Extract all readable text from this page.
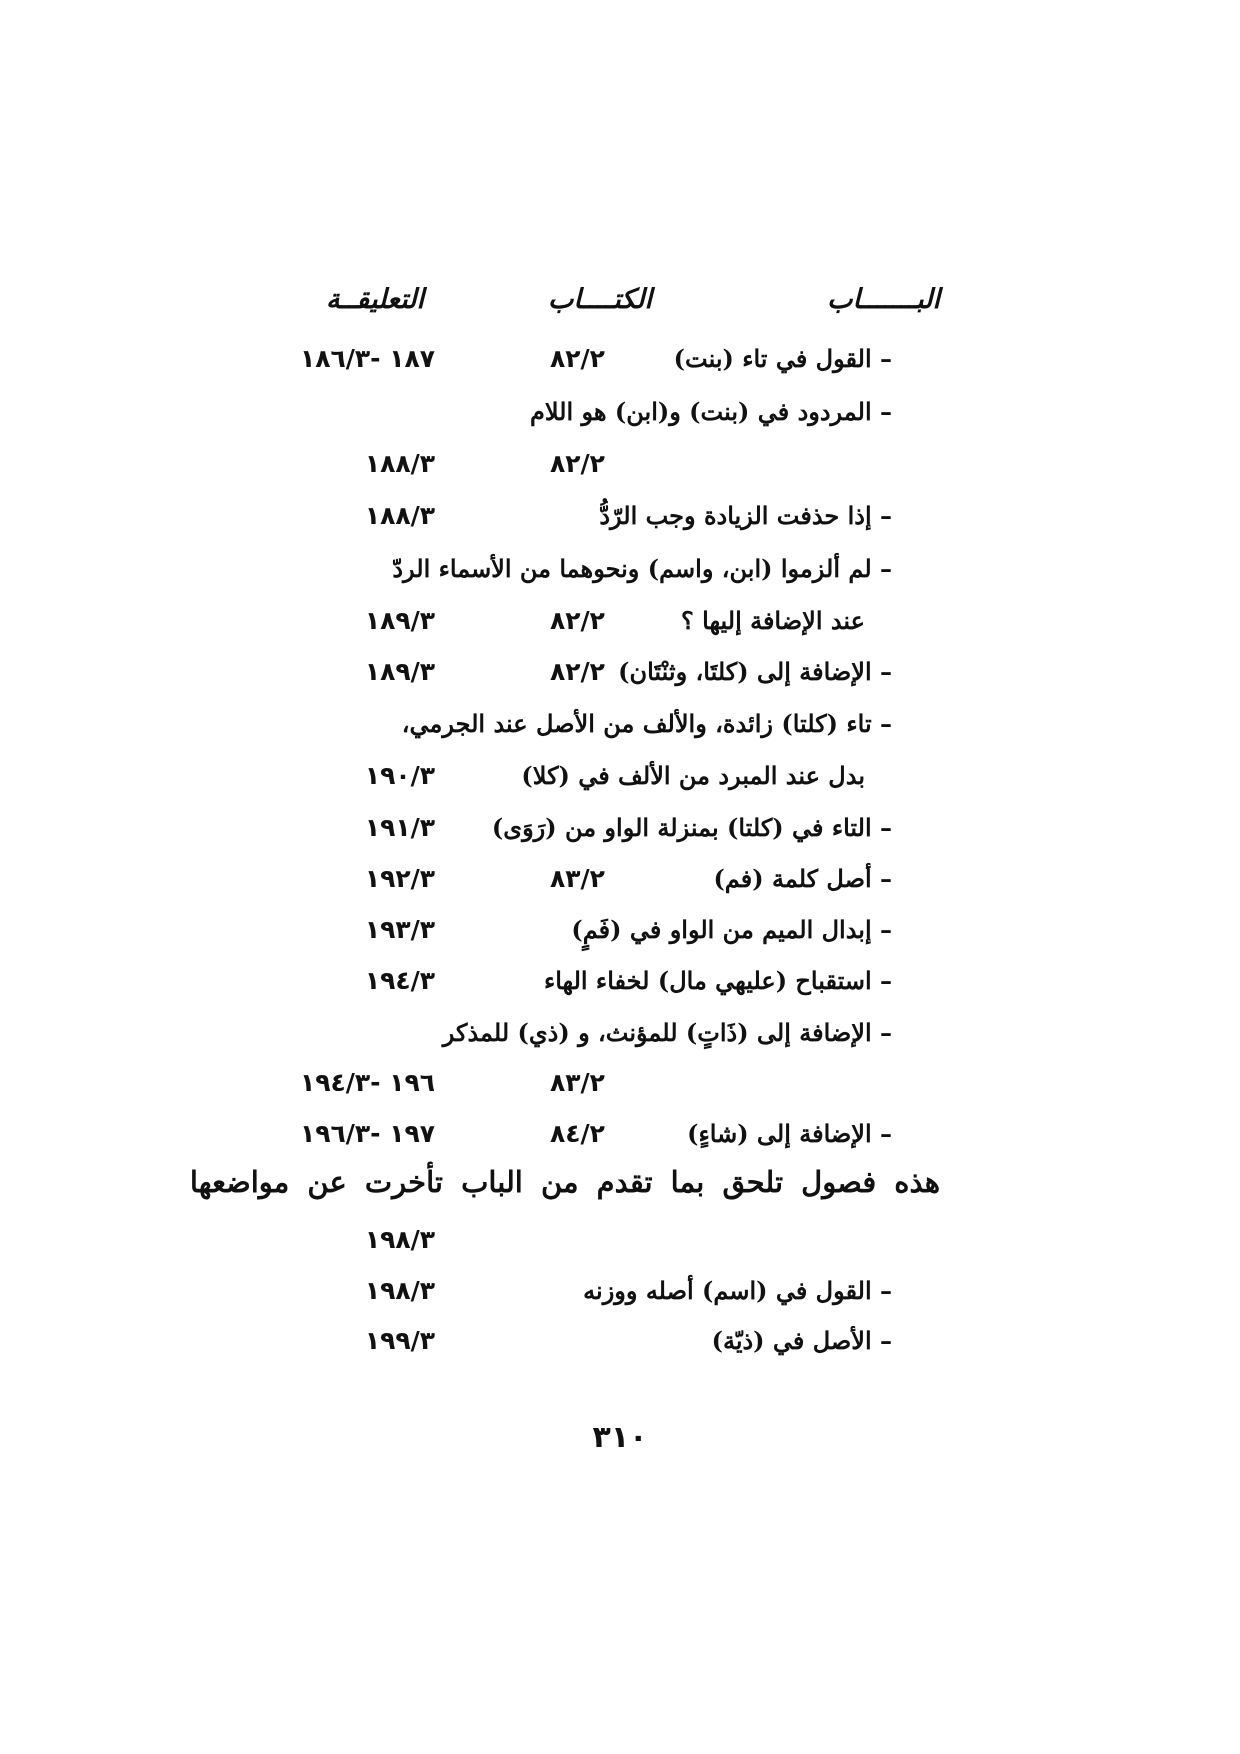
البـــــــاب
الكتــــاب
التعليقــة
– القول في تاء (بنت)
٨٢/٢
١٨٧ -١٨٦/٣
– المردود في (بنت) و(ابن) هو اللام
٨٢/٢
١٨٨/٣
– إذا حذفت الزيادة وجب الرّدُّ
١٨٨/٣
– لم ألزموا (ابن، واسم) ونحوهما من الأسماء الردّ
عند الإضافة إليها ؟
٨٢/٢
١٨٩/٣
– الإضافة إلى (كلتَا، وثنْتَان)
٨٢/٢
١٨٩/٣
– تاء (كلتا) زائدة، والألف من الأصل عند الجرمي،
بدل عند المبرد من الألف في (كلا)
١٩٠/٣
– التاء في (كلتا) بمنزلة الواو من (رَوَى)
١٩١/٣
– أصل كلمة (فم)
٨٣/٢
١٩٢/٣
– إبدال الميم من الواو في (فَمٍ)
١٩٣/٣
– استقباح (عليهي مال) لخفاء الهاء
١٩٤/٣
– الإضافة إلى (ذَاتٍ) للمؤنث، و (ذي) للمذكر
٨٣/٢
١٩٦ -١٩٤/٣
– الإضافة إلى (شاءٍ)
٨٤/٢
١٩٧ -١٩٦/٣
هذه فصول تلحق بما تقدم من الباب تأخرت عن مواضعها
١٩٨/٣
– القول في (اسم) أصله ووزنه
١٩٨/٣
– الأصل في (ذيّة)
١٩٩/٣
٣١٠
